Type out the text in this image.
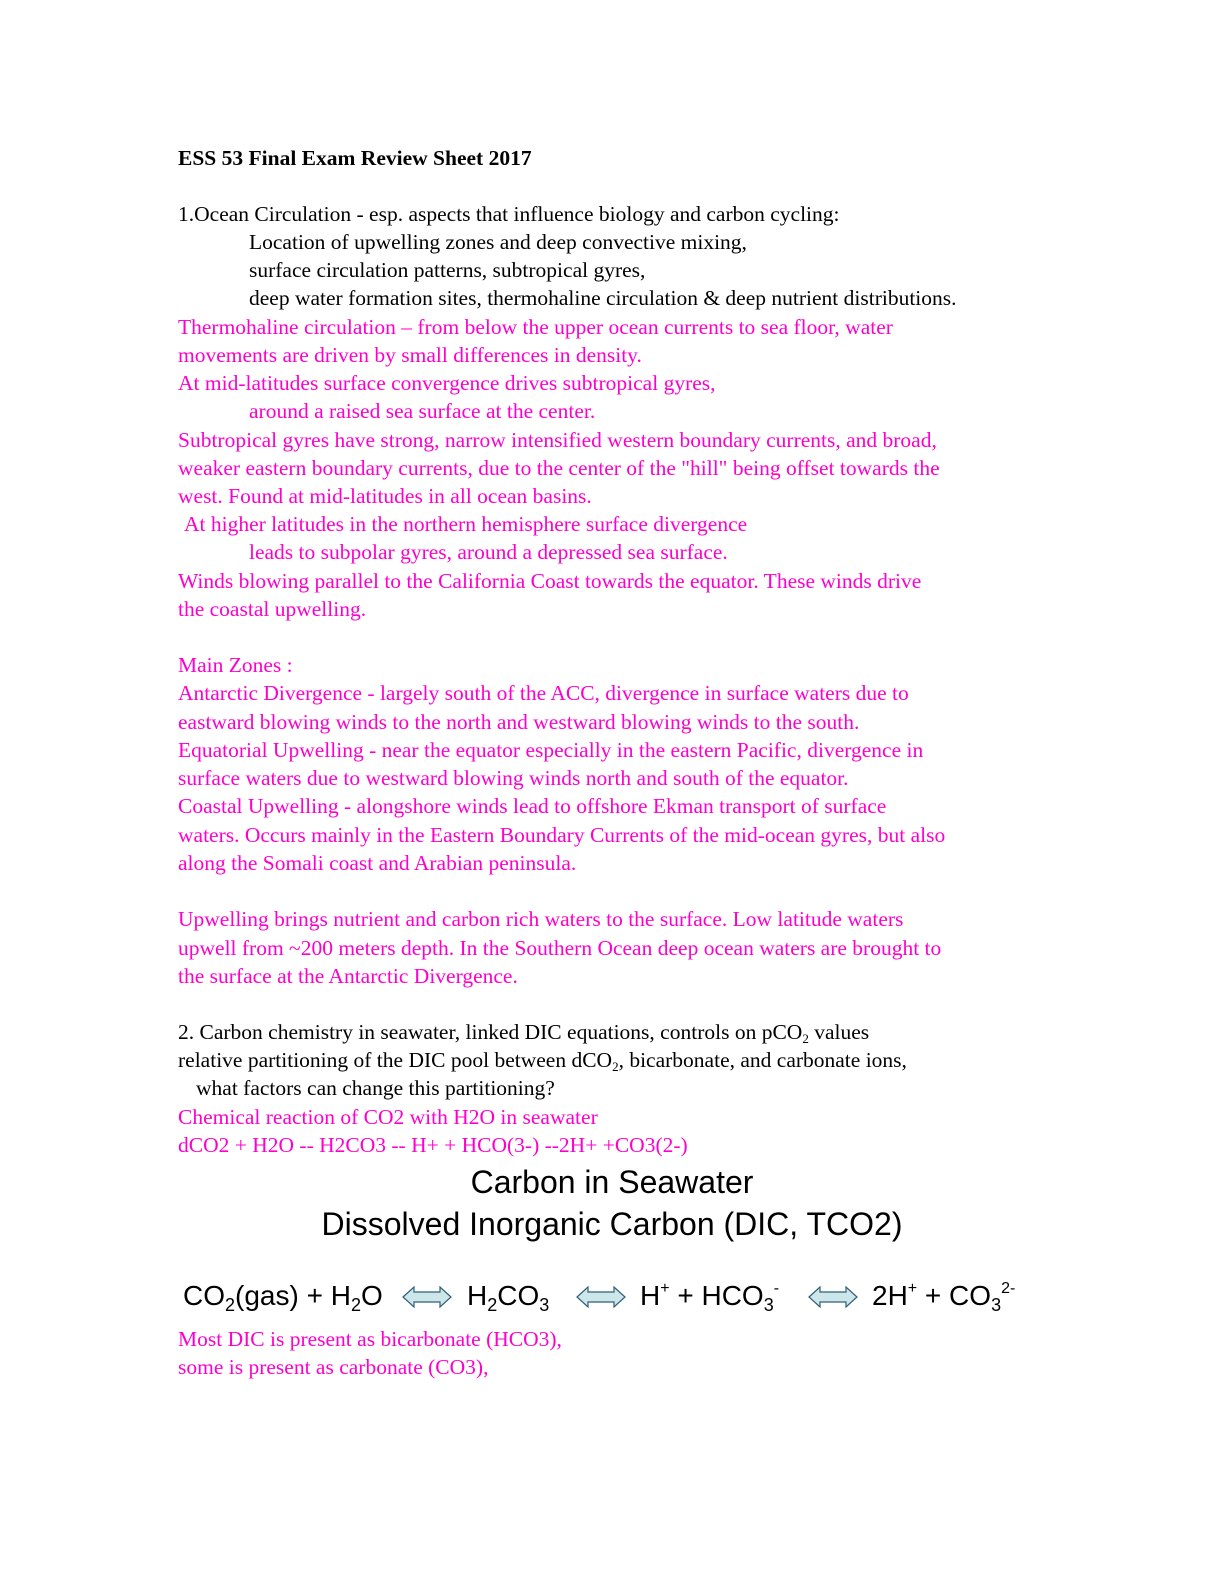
ESS 53 Final Exam Review Sheet 2017
1.Ocean Circulation - esp. aspects that influence biology and carbon cycling:
Location of upwelling zones and deep convective mixing,
surface circulation patterns, subtropical gyres,
deep water formation sites, thermohaline circulation & deep nutrient distributions.
Thermohaline circulation – from below the upper ocean currents to sea floor, water
movements are driven by small differences in density.
At mid-latitudes surface convergence drives subtropical gyres,
around a raised sea surface at the center.
Subtropical gyres have strong, narrow intensified western boundary currents, and broad,
weaker eastern boundary currents, due to the center of the "hill" being offset towards the
west. Found at mid-latitudes in all ocean basins.
At higher latitudes in the northern hemisphere surface divergence
leads to subpolar gyres, around a depressed sea surface.
Winds blowing parallel to the California Coast towards the equator. These winds drive
the coastal upwelling.
Main Zones :
Antarctic Divergence - largely south of the ACC, divergence in surface waters due to
eastward blowing winds to the north and westward blowing winds to the south.
Equatorial Upwelling - near the equator especially in the eastern Pacific, divergence in
surface waters due to westward blowing winds north and south of the equator.
Coastal Upwelling - alongshore winds lead to offshore Ekman transport of surface
waters. Occurs mainly in the Eastern Boundary Currents of the mid-ocean gyres, but also
along the Somali coast and Arabian peninsula.
Upwelling brings nutrient and carbon rich waters to the surface. Low latitude waters
upwell from ~200 meters depth. In the Southern Ocean deep ocean waters are brought to
the surface at the Antarctic Divergence.
2. Carbon chemistry in seawater, linked DIC equations, controls on pCO$_2$ values
relative partitioning of the DIC pool between dCO$_2$, bicarbonate, and carbonate ions,
what factors can change this partitioning?
Chemical reaction of CO2 with H2O in seawater
dCO2 + H2O -- H2CO3 -- H+ + HCO(3-) --2H+ +CO3(2-)
Carbon in Seawater
Dissolved Inorganic Carbon (DIC, TCO2)
$CO_2(gas) + H_2O$	$H_2CO_3$	$H^+ + HCO_3^-$	$2H^+ + CO_3^{2-}$
Most DIC is present as bicarbonate (HCO3),
some is present as carbonate (CO3),
